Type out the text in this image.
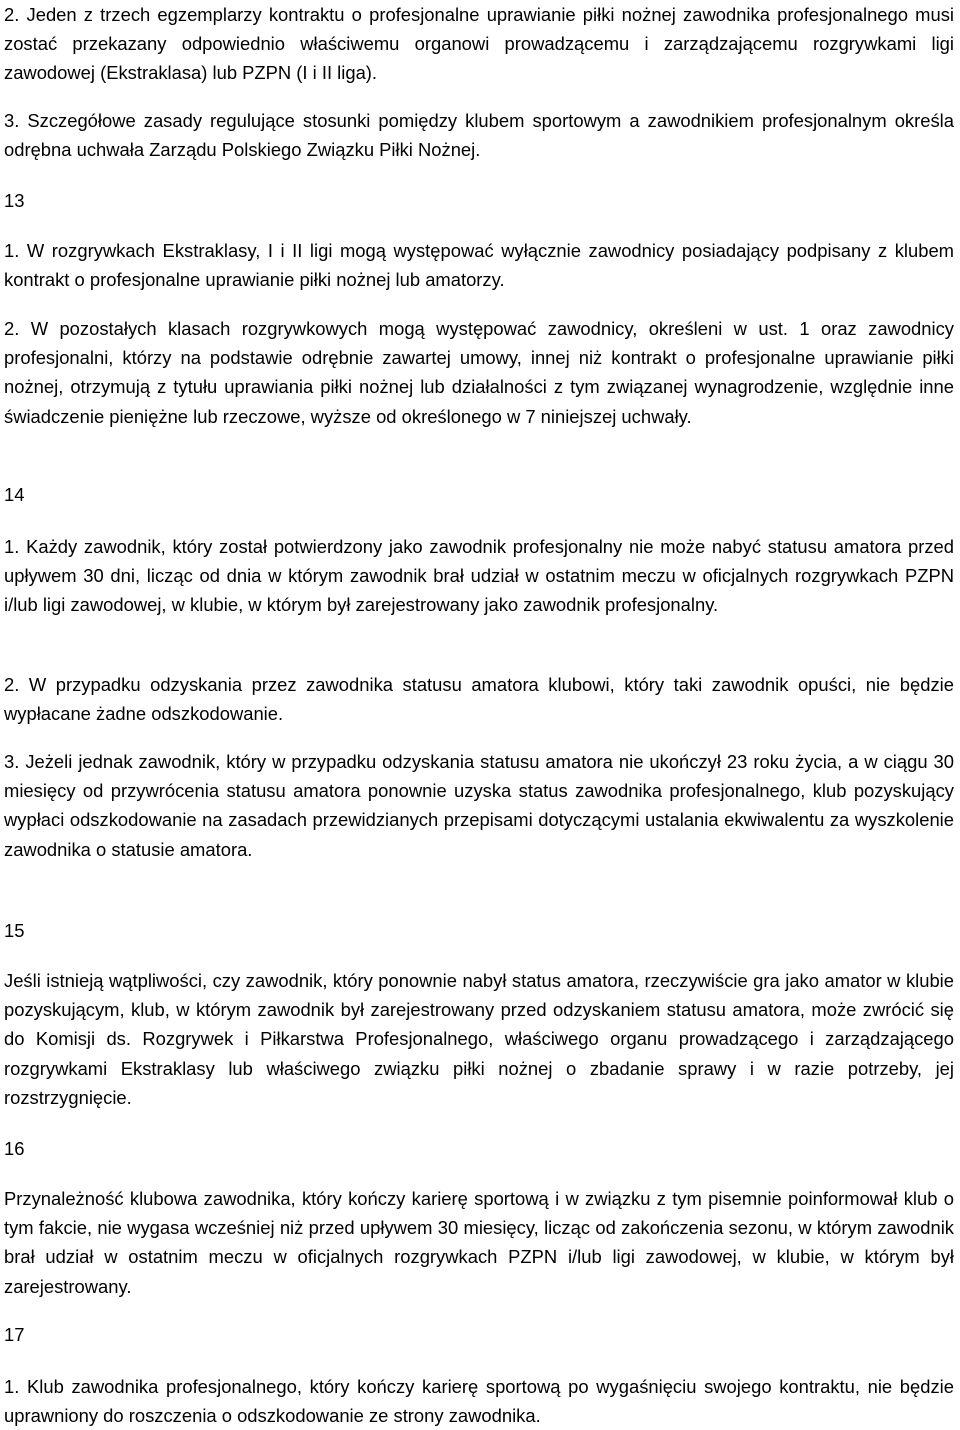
2. Jeden z trzech egzemplarzy kontraktu o profesjonalne uprawianie piłki nożnej zawodnika profesjonalnego musi zostać przekazany odpowiednio właściwemu organowi prowadzącemu i zarządzającemu rozgrywkami ligi zawodowej (Ekstraklasa) lub PZPN (I i II liga).

3. Szczegółowe zasady regulujące stosunki pomiędzy klubem sportowym a zawodnikiem profesjonalnym określa odrębna uchwała Zarządu Polskiego Związku Piłki Nożnej.

13

1. W rozgrywkach Ekstraklasy, I i II ligi mogą występować wyłącznie zawodnicy posiadający podpisany z klubem kontrakt o profesjonalne uprawianie piłki nożnej lub amatorzy.

2. W pozostałych klasach rozgrywkowych mogą występować zawodnicy, określeni w ust. 1 oraz zawodnicy profesjonalni, którzy na podstawie odrębnie zawartej umowy, innej niż kontrakt o profesjonalne uprawianie piłki nożnej, otrzymują z tytułu uprawiania piłki nożnej lub działalności z tym związanej wynagrodzenie, względnie inne świadczenie pieniężne lub rzeczowe, wyższe od określonego w 7 niniejszej uchwały.

14

1. Każdy zawodnik, który został potwierdzony jako zawodnik profesjonalny nie może nabyć statusu amatora przed upływem 30 dni, licząc od dnia w którym zawodnik brał udział w ostatnim meczu w oficjalnych rozgrywkach PZPN i/lub ligi zawodowej, w klubie, w którym był zarejestrowany jako zawodnik profesjonalny.

2. W przypadku odzyskania przez zawodnika statusu amatora klubowi, który taki zawodnik opuści, nie będzie wypłacane żadne odszkodowanie.

3. Jeżeli jednak zawodnik, który w przypadku odzyskania statusu amatora nie ukończył 23 roku życia, a w ciągu 30 miesięcy od przywrócenia statusu amatora ponownie uzyska status zawodnika profesjonalnego, klub pozyskujący wypłaci odszkodowanie na zasadach przewidzianych przepisami dotyczącymi ustalania ekwiwalentu za wyszkolenie zawodnika o statusie amatora.

15

Jeśli istnieją wątpliwości, czy zawodnik, który ponownie nabył status amatora, rzeczywiście gra jako amator w klubie pozyskującym, klub, w którym zawodnik był zarejestrowany przed odzyskaniem statusu amatora, może zwrócić się do Komisji ds. Rozgrywek i Piłkarstwa Profesjonalnego, właściwego organu prowadzącego i zarządzającego rozgrywkami Ekstraklasy lub właściwego związku piłki nożnej o zbadanie sprawy i w razie potrzeby, jej rozstrzygnięcie.

16

Przynależność klubowa zawodnika, który kończy karierę sportową i w związku z tym pisemnie poinformował klub o tym fakcie, nie wygasa wcześniej niż przed upływem 30 miesięcy, licząc od zakończenia sezonu, w którym zawodnik brał udział w ostatnim meczu w oficjalnych rozgrywkach PZPN i/lub ligi zawodowej, w klubie, w którym był zarejestrowany.

17

1. Klub zawodnika profesjonalnego, który kończy karierę sportową po wygaśnięciu swojego kontraktu, nie będzie uprawniony do roszczenia o odszkodowanie ze strony zawodnika.
